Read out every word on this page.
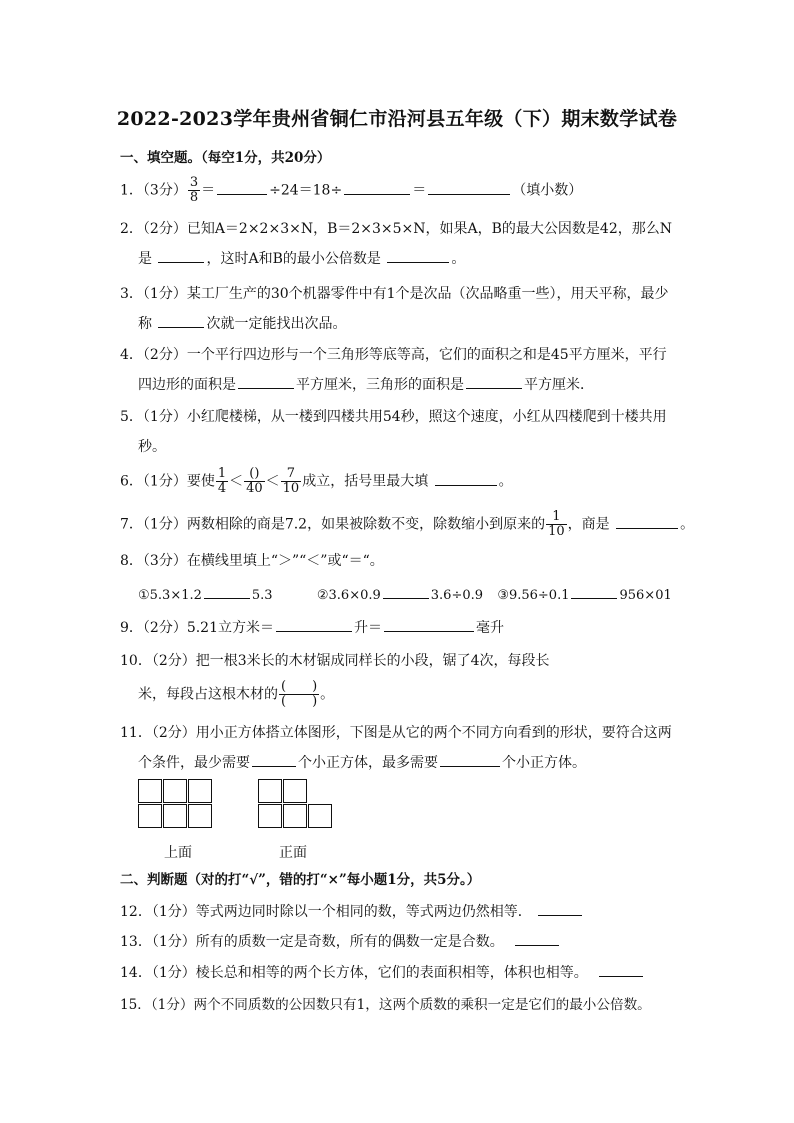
2022-2023学年贵州省铜仁市沿河县五年级（下）期末数学试卷
一、填空题。（每空1分，共20分）
1．（3分） $\frac{3}{8}$ ＝	÷24＝18÷	＝	（填小数）
2．（2分）已知A＝2×2×3×N，B＝2×3×5×N，如果A，B的最大公因数是42，那么N
是	，这时A和B的最小公倍数是	。
3．（1分）某工厂生产的30个机器零件中有1个是次品（次品略重一些），用天平称，最少
称	次就一定能找出次品。
4．（2分）一个平行四边形与一个三角形等底等高，它们的面积之和是45平方厘米，平行
四边形的面积是	平方厘米，三角形的面积是	平方厘米．
5．（1分）小红爬楼梯，从一楼到四楼共用54秒，照这个速度，小红从四楼爬到十楼共用
秒。
6．（1分）要使 $\frac{1}{4} < \frac{()}{40} < \frac{7}{10}$ 成立，括号里最大填	。
7．（1分）两数相除的商是7.2，如果被除数不变，除数缩小到原来的 $\frac{1}{10}$ ，商是	。
8．（3分）在横线里填上“＞”“＜”或“＝“。
①5.3×1.2	5.3	②3.6×0.9	3.6÷0.9 ③9.56÷0.1	956×01
9．（2分）5.21立方米＝	升＝	毫升
10．（2分）把一根3米长的木材锯成同样长的小段，锯了4次，每段长
米，每段占这根木材的 $\frac{( )}{( )}$ 。
11．（2分）用小正方体搭立体图形，下图是从它的两个不同方向看到的形状，要符合这两
个条件，最少需要	个小正方体，最多需要	个小正方体。
上面	正面
二、判断题（对的打“√”，错的打“×”每小题1分，共5分。）
12．（1分）等式两边同时除以一个相同的数，等式两边仍然相等．
13．（1分）所有的质数一定是奇数，所有的偶数一定是合数。
14．（1分）棱长总和相等的两个长方体，它们的表面积相等，体积也相等。
15．（1分）两个不同质数的公因数只有1，这两个质数的乘积一定是它们的最小公倍数。
